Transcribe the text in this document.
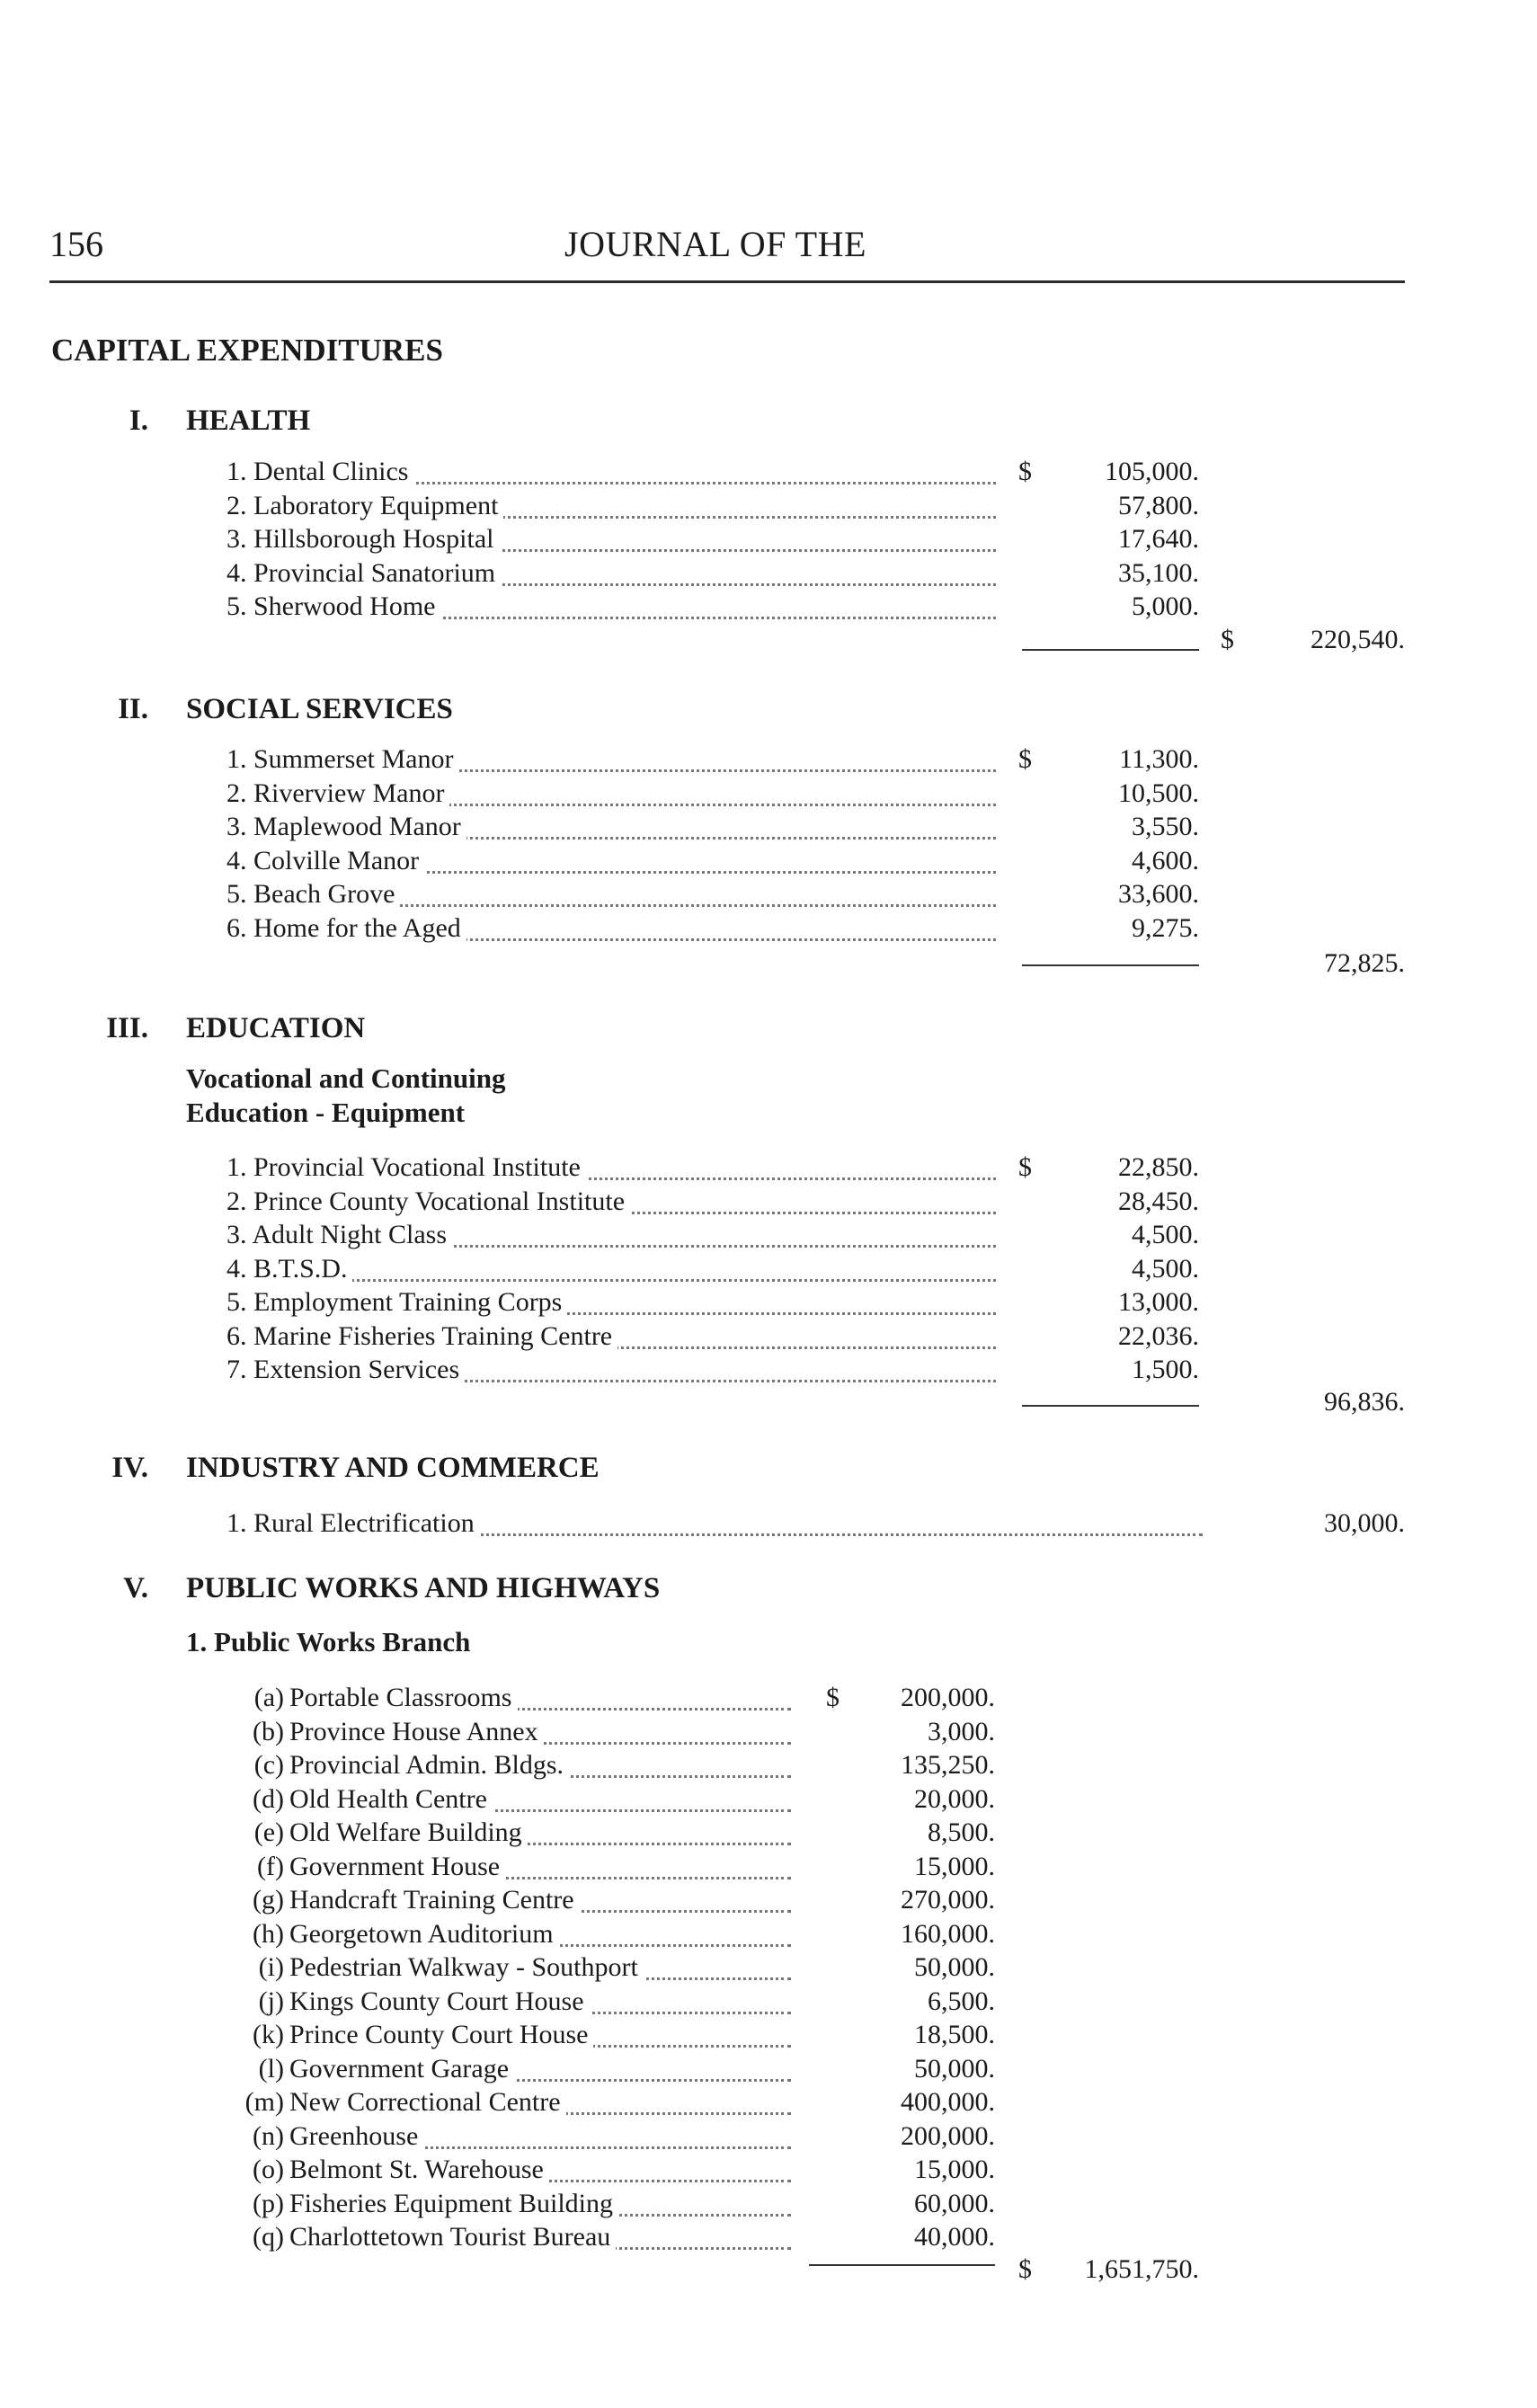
156	JOURNAL OF THE
CAPITAL EXPENDITURES
I. HEALTH
II. SOCIAL SERVICES
III. EDUCATION
Vocational and Continuing
Education - Equipment
IV. INDUSTRY AND COMMERCE
V. PUBLIC WORKS AND HIGHWAYS
1. Public Works Branch
1. Dental Clinics	$	105,000.
2. Laboratory Equipment	57,800.
3. Hillsborough Hospital	17,640.
4. Provincial Sanatorium	35,100.
5. Sherwood Home	5,000.
$	220,540.
1. Summerset Manor	$	11,300.
2. Riverview Manor	10,500.
3. Maplewood Manor	3,550.
4. Colville Manor	4,600.
5. Beach Grove	33,600.
6. Home for the Aged	9,275.
72,825.
1. Provincial Vocational Institute	$	22,850.
2. Prince County Vocational Institute	28,450.
3. Adult Night Class	4,500.
4. B.T.S.D.	4,500.
5. Employment Training Corps	13,000.
6. Marine Fisheries Training Centre	22,036.
7. Extension Services	1,500.
96,836.
1. Rural Electrification	30,000.
(a) Portable Classrooms	$	200,000.
(b) Province House Annex	3,000.
(c) Provincial Admin. Bldgs.	135,250.
(d) Old Health Centre	20,000.
(e) Old Welfare Building	8,500.
(f) Government House	15,000.
(g) Handcraft Training Centre	270,000.
(h) Georgetown Auditorium	160,000.
(i) Pedestrian Walkway - Southport	50,000.
(j) Kings County Court House	6,500.
(k) Prince County Court House	18,500.
(l) Government Garage	50,000.
(m) New Correctional Centre	400,000.
(n) Greenhouse	200,000.
(o) Belmont St. Warehouse	15,000.
(p) Fisheries Equipment Building	60,000.
(q) Charlottetown Tourist Bureau	40,000.
$	1,651,750.
